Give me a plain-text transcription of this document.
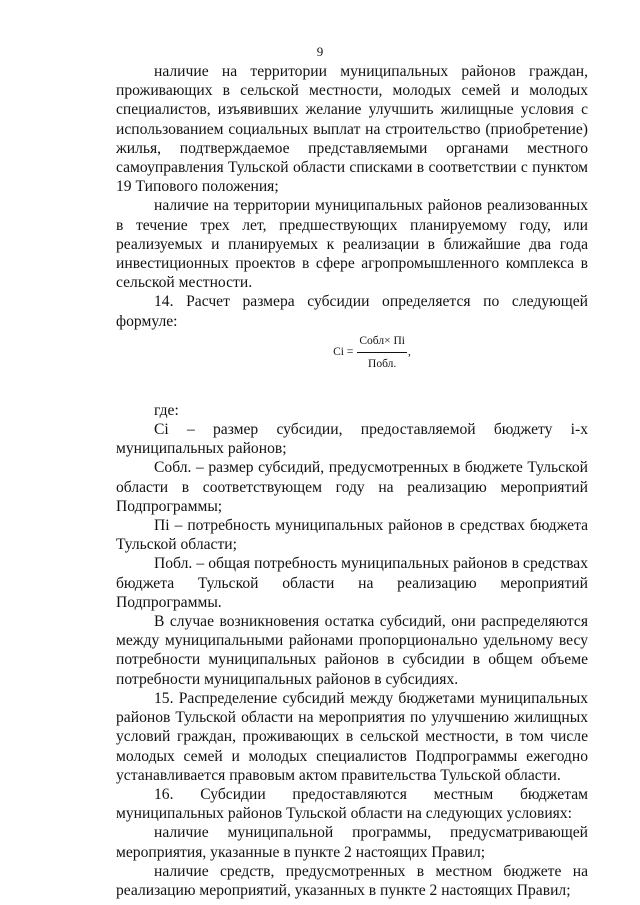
9

наличие на территории муниципальных районов граждан, проживающих в сельской местности, молодых семей и молодых специалистов, изъявивших желание улучшить жилищные условия с использованием социальных выплат на строительство (приобретение) жилья, подтверждаемое представляемыми органами местного самоуправления Тульской области списками в соответствии с пунктом 19 Типового положения;

наличие на территории муниципальных районов реализованных в течение трех лет, предшествующих планируемому году, или реализуемых и планируемых к реализации в ближайшие два года инвестиционных проектов в сфере агропромышленного комплекса в сельской местности.

14. Расчет размера субсидии определяется по следующей формуле:

$Ci = \frac{\text{Cобл× Пi}}{\text{Побл.}}$ ,

где:

Ci – размер субсидии, предоставляемой бюджету i-х муниципальных районов;

Собл. – размер субсидий, предусмотренных в бюджете Тульской области в соответствующем году на реализацию мероприятий Подпрограммы;

Пi – потребность муниципальных районов в средствах бюджета Тульской области;

Побл. – общая потребность муниципальных районов в средствах бюджета Тульской области на реализацию мероприятий Подпрограммы.

В случае возникновения остатка субсидий, они распределяются между муниципальными районами пропорционально удельному весу потребности муниципальных районов в субсидии в общем объеме потребности муниципальных районов в субсидиях.

15. Распределение субсидий между бюджетами муниципальных районов Тульской области на мероприятия по улучшению жилищных условий граждан, проживающих в сельской местности, в том числе молодых семей и молодых специалистов Подпрограммы ежегодно устанавливается правовым актом правительства Тульской области.

16. Субсидии предоставляются местным бюджетам муниципальных районов Тульской области на следующих условиях:

наличие муниципальной программы, предусматривающей мероприятия, указанные в пункте 2 настоящих Правил;

наличие средств, предусмотренных в местном бюджете на реализацию мероприятий, указанных в пункте 2 настоящих Правил;
